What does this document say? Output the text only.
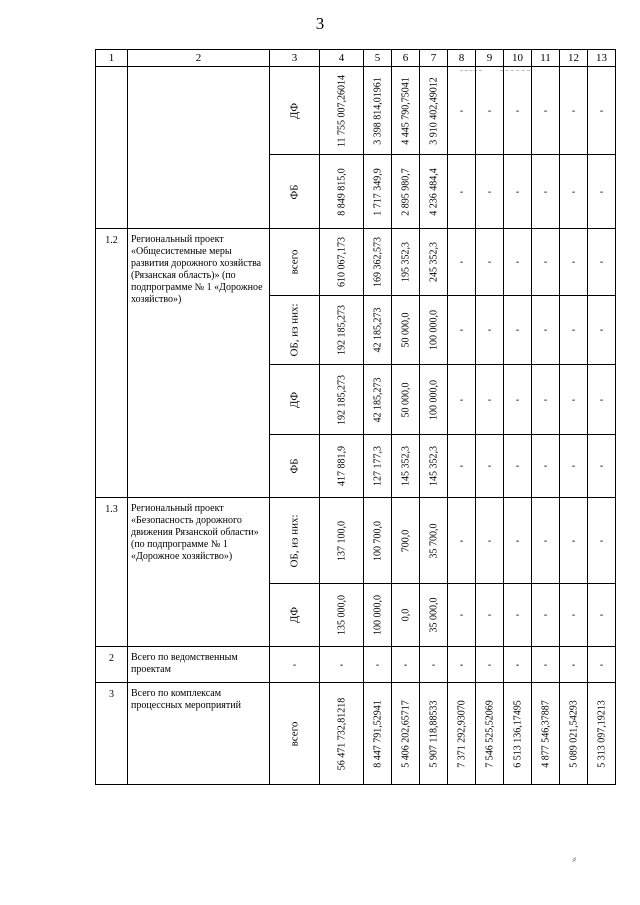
3
1	2	3	4	5	6	7	8	9	10	11	12	13

		ДФ	11 755 007,26014	3 398 814,01961	4 445 790,75041	3 910 402,49012	-	-	-	-	-	-

		ФБ	8 849 815,0	1 717 349,9	2 895 980,7	4 236 484,4	-	-	-	-	-	-

1.2	Региональный проект «Общесистемные меры развития дорожного хозяйства (Рязанская область)» (по подпрограмме № 1 «Дорожное хозяйство»)	всего	610 067,173	169 362,573	195 352,3	245 352,3	-	-	-	-	-	-

		ОБ, из них:	192 185,273	42 185,273	50 000,0	100 000,0	-	-	-	-	-	-

		ДФ	192 185,273	42 185,273	50 000,0	100 000,0	-	-	-	-	-	-

		ФБ	417 881,9	127 177,3	145 352,3	145 352,3	-	-	-	-	-	-

1.3	Региональный проект «Безопасность дорожного движения Рязанской области» (по подпрограмме № 1 «Дорожное хозяйство»)	ОБ, из них:	137 100,0	100 700,0	700,0	35 700,0	-	-	-	-	-	-

		ДФ	135 000,0	100 000,0	0,0	35 000,0	-	-	-	-	-	-

2	Всего по ведомственным проектам	-	-	-	-	-	-	-	-	-	-	-

3	Всего по комплексам процессных мероприятий	всего	56 471 732,81218	8 447 791,52941	5 406 202,65717	5 907 118,88533	7 371 292,93070	7 546 525,52069	6 513 136,17495	4 877 546,37887	5 089 021,54293	5 313 097,19213
⸗
